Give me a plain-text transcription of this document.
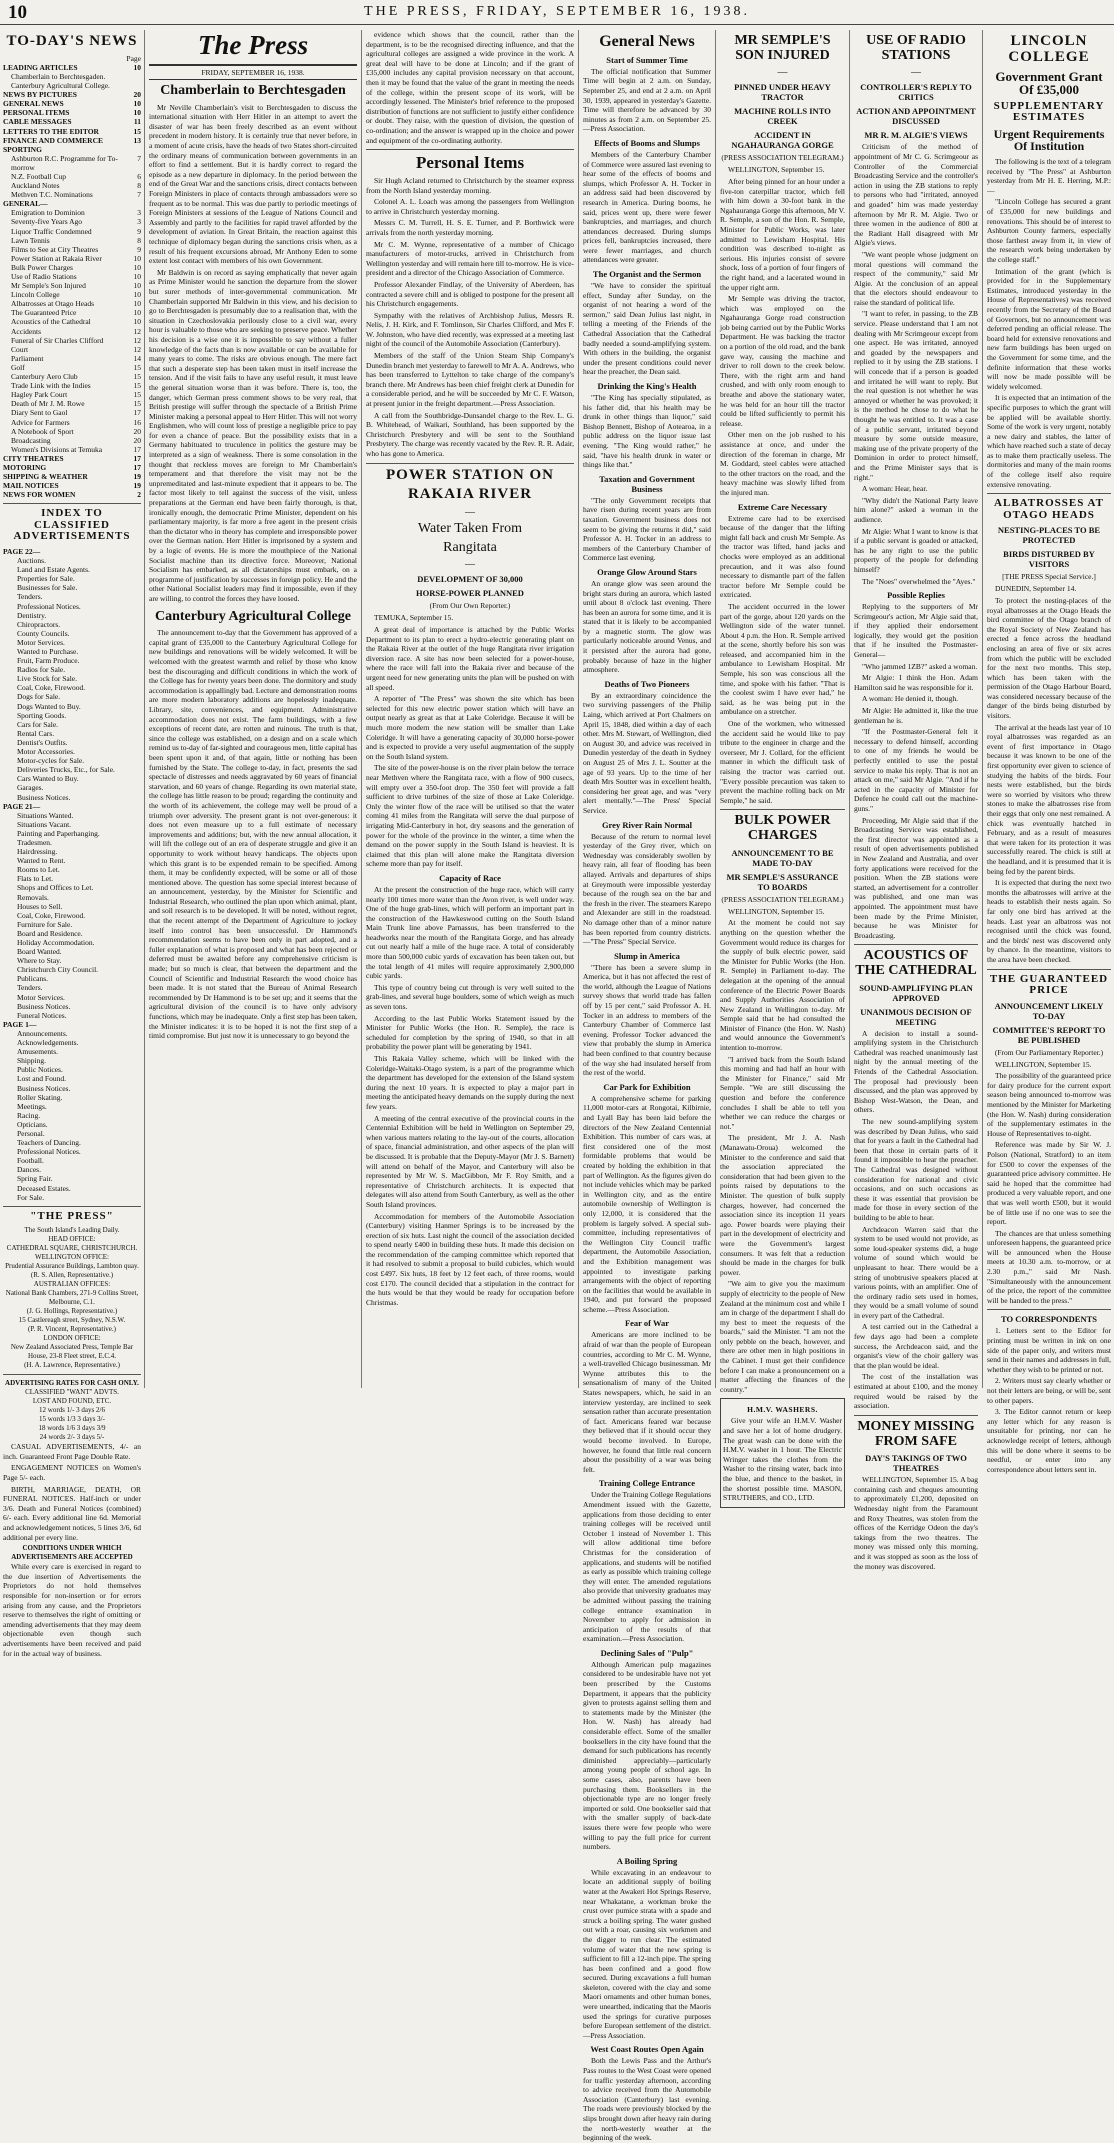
10	THE PRESS, FRIDAY, SEPTEMBER 16, 1938.
TO-DAY'S NEWS
Page
LEADING ARTICLES	10
Chamberlain to Berchtesgaden.
Canterbury Agricultural College.
NEWS BY PICTURES	20
GENERAL NEWS	10
PERSONAL ITEMS	10
CABLE MESSAGES	11
LETTERS TO THE EDITOR	15
FINANCE AND COMMERCE	13
SPORTING
Ashburton R.C. Programme for To-morrow
7
N.Z. Football Cup	6
Auckland Notes	8
Methven T.C. Nominations	7
GENERAL—
Emigration to Dominion	3
Seventy-five Years Ago	3
Liquor Traffic Condemned	9
Lawn Tennis	8
Films to See at City Theatres	9
Power Station at Rakaia River	10
Bulk Power Charges	10
Use of Radio Stations	10
Mr Semple's Son Injured	10
Lincoln College	10
Albatrosses at Otago Heads	10
The Guaranteed Price	10
Acoustics of the Cathedral	10
Accidents	12
Funeral of Sir Charles Clifford	12
Court	12
Parliament	14
Golf	15
Canterbury Aero Club	15
Trade Link with the Indies	15
Hagley Park Court	15
Death of Mr J. M. Rowe	15
Diary Sent to Gaol	17
Advice for Farmers	16
A Notebook of Sport	20
Broadcasting	20
Women's Divisions at Temuka	17
CITY THEATRES	17
MOTORING	17
SHIPPING & WEATHER	19
MAIL NOTICES	19
NEWS FOR WOMEN	2
INDEX TO CLASSIFIED ADVERTISEMENTS
PAGE 22—
Auctions.
Land and Estate Agents.
Properties for Sale.
Businesses for Sale.
Tenders.
Professional Notices.
Dentistry.
Chiropractors.
County Councils.
Motor Services.
Wanted to Purchase.
Fruit, Farm Produce.
Radios for Sale.
Live Stock for Sale.
Coal, Coke, Firewood.
Dogs for Sale.
Dogs Wanted to Buy.
Sporting Goods.
Cars for Sale.
Rental Cars.
Dentist's Outfits.
Motor Accessories.
Motor-cycles for Sale.
Deliveries Trucks, Etc., for Sale.
Cars Wanted to Buy.
Garages.
Business Notices.
PAGE 21—
Situations Wanted.
Situations Vacant.
Painting and Paperhanging.
Tradesmen.
Hairdressing.
Wanted to Rent.
Rooms to Let.
Flats to Let.
Shops and Offices to Let.
Removals.
Houses to Sell.
Coal, Coke, Firewood.
Furniture for Sale.
Board and Residence.
Holiday Accommodation.
Board Wanted.
Where to Stay.
Christchurch City Council.
Publicans.
Tenders.
Motor Services.
Business Notices.
Funeral Notices.
PAGE 1—
Announcements.
Acknowledgements.
Amusements.
Shipping.
Public Notices.
Lost and Found.
Business Notices.
Roller Skating.
Meetings.
Racing.
Opticians.
Personal.
Teachers of Dancing.
Professional Notices.
Football.
Dances.
Spring Fair.
Deceased Estates.
For Sale.
"THE PRESS"
The South Island's Leading Daily.

HEAD OFFICE:

CATHEDRAL SQUARE, CHRISTCHURCH.

WELLINGTON OFFICE:

Prudential Assurance Buildings, Lambton quay.

(R. S. Allen, Representative.)

AUSTRALIAN OFFICES:

National Bank Chambers, 271-9 Collins Street, Melbourne, C.1.

(J. G. Hollings, Representative.)

15 Castlereagh street, Sydney, N.S.W.

(P. R. Vincent, Representative.)

LONDON OFFICE:

New Zealand Associated Press, Temple Bar House, 23-8 Fleet street, E.C.4.

(H. A. Lawrence, Representative.)

ADVERTISING RATES FOR CASH ONLY.
CLASSIFIED "WANT" ADVTS.
LOST AND FOUND, ETC.

12 words 1/- 3 days 2/6

15 words 1/3 3 days 3/-

18 words 1/6 3 days 3/9

24 words 2/- 3 days 5/-

CASUAL ADVERTISEMENTS, 4/- an inch. Guaranteed Front Page Double Rate.

ENGAGEMENT NOTICES on Women's Page 5/- each.

BIRTH, MARRIAGE, DEATH, OR FUNERAL NOTICES. Half-inch or under 3/6. Death and Funeral Notices (combined) 6/- each. Every additional line 6d. Memorial and acknowledgement notices, 5 lines 3/6, 6d additional per every line.

CONDITIONS UNDER WHICH ADVERTISEMENTS ARE ACCEPTED

While every care is exercised in regard to the due insertion of Advertisements the Proprietors do not hold themselves responsible for non-insertion or for errors arising from any cause, and the Proprietors reserve to themselves the right of omitting or amending advertisements that they may deem objectionable even though such advertisements have been received and paid for in the actual way of business.

The Press
FRIDAY, SEPTEMBER 16, 1938.
Chamberlain to Berchtesgaden

Mr Neville Chamberlain's visit to Berchtesgaden to discuss the international situation with Herr Hitler in an attempt to avert the disaster of war has been freely described as an event without precedent in modern history. It is certainly true that never before, in a moment of acute crisis, have the heads of two States short-circuited the ordinary means of communication between governments in an effort to find a settlement. But it is hardly correct to regard the episode as a new departure in diplomacy. In the period between the end of the Great War and the sanctions crisis, direct contacts between Foreign Ministers in place of contacts through ambassadors were so frequent as to be normal. This was due partly to periodic meetings of Foreign Ministers at sessions of the League of Nations Council and Assembly and partly to the facilities for rapid travel afforded by the development of aviation. In Great Britain, the reaction against this technique of diplomacy began during the sanctions crisis when, as a result of his frequent excursions abroad, Mr Anthony Eden to some extent lost contact with members of his own Government.

Mr Baldwin is on record as saying emphatically that never again as Prime Minister would he sanction the departure from the slower but surer methods of inter-governmental communication. Mr Chamberlain supported Mr Baldwin in this view, and his decision to go to Berchtesgaden is presumably due to a realisation that, with the situation in Czechoslovakia perilously close to a civil war, every hour is valuable to those who are seeking to preserve peace. Whether his decision is a wise one it is impossible to say without a fuller knowledge of the facts than is now available or can be available for many years to come. The risks are obvious enough. The mere fact that such a desperate step has been taken must in itself increase the tension. And if the visit fails to have any useful result, it must leave the general situation worse than it was before. There is, too, the danger, which German press comment shows to be very real, that British prestige will suffer through the spectacle of a British Prime Minister making a personal appeal to Herr Hitler. This will not worry Englishmen, who will count loss of prestige a negligible price to pay for even a chance of peace. But the possibility exists that in a Germany habituated to truculence in politics the gesture may be interpreted as a sign of weakness. There is some consolation in the thought that reckless moves are foreign to Mr Chamberlain's temperament and that therefore the visit may not be the unpremeditated and last-minute expedient that it appears to be. The factor most likely to tell against the success of the visit, unless preparations at the German end have been fairly thorough, is that, ironically enough, the democratic Prime Minister, dependent on his parliamentary majority, is far more a free agent in the present crisis than the dictator who in theory has complete and irresponsible power over the German nation. Herr Hitler is imprisoned by a system and by a logic of events. He is more the mouthpiece of the National Socialist machine than its directive force. Moreover, National Socialism has embarked, as all dictatorships must embark, on a programme of justification by successes in foreign policy. He and the other National Socialist leaders may find it impossible, even if they are willing, to control the forces they have loosed.

Canterbury Agricultural College

The announcement to-day that the Government has approved of a capital grant of £35,000 to the Canterbury Agricultural College for new buildings and renovations will be widely welcomed. It will be welcomed with the greatest warmth and relief by those who know best the discouraging and difficult conditions in which the work of the College has for twenty years been done. The dormitory and study accommodation is appallingly bad. Lecture and demonstration rooms are more modern laboratory additions are hopelessly inadequate. Library, site, conveniences, and equipment. Administrative accommodation does not exist. The farm buildings, with a few exceptions of recent date, are rotten and ruinous. The truth is that, since the college was established, on a design and on a scale which remind us to-day of far-sighted and courageous men, little capital has been spent upon it and, of that again, little or nothing has been furnished by the State. The college to-day, in fact, presents the sad spectacle of distresses and needs aggravated by 60 years of financial starvation, and 60 years of change. Regarding its own material state, the college has little reason to be proud; regarding the continuity and the worth of its achievement, the college may well be proud of a triumph over adversity. The present grant is not over-generous: it does not even measure up to a full estimate of necessary improvements and additions; but, with the new annual allocation, it will lift the college out of an era of desperate struggle and give it an opportunity to work without heavy handicaps. The objects upon which this grant is to be expended remain to be specified. Among them, it may be confidently expected, will be some or all of those mentioned above. The question has some special interest because of an announcement, yesterday, by the Minister for Scientific and Industrial Research, who outlined the plan upon which animal, plant, and soil research is to be developed. It will be noted, without regret, that the recent attempt of the Department of Agriculture to jockey itself into control has been unsuccessful. Dr Hammond's recommendation seems to have been only in part adopted, and a fuller explanation of what is proposed and what has been rejected or deferred must be awaited before any comprehensive criticism is made; but so much is clear, that between the department and the Council of Scientific and Industrial Research the wood choice has been made. It is not stated that the Bureau of Animal Research recommended by Dr Hammond is to be set up; and it seems that the agricultural division of the council is to have only advisory functions, which may be inadequate. Only a first step has been taken, the Minister indicates: it is to be hoped it is not the first step of a timid compromise. But just now it is unnecessary to go beyond the

evidence which shows that the council, rather than the department, is to be the recognised directing influence, and that the agricultural colleges are assigned a wide province in the work. A great deal will have to be done at Lincoln; and if the grant of £35,000 includes any capital provision necessary on that account, then it may be found that the value of the grant in meeting the needs of the college, within the present scope of its work, will be accordingly lessened. The Minister's brief reference to the proposed distribution of functions are not sufficient to justify either confidence or doubt. They raise, with the question of division, the question of co-ordination; and the answer is wrapped up in the choice and power and equipment of the co-ordinating authority.

Personal Items

Sir Hugh Acland returned to Christchurch by the steamer express from the North Island yesterday morning.

Colonel A. L. Loach was among the passengers from Wellington to arrive in Christchurch yesterday morning.

Messrs C. M. Turrell, H. S. E. Turner, and P. Borthwick were arrivals from the north yesterday morning.

Mr C. M. Wynne, representative of a number of Chicago manufacturers of motor-trucks, arrived in Christchurch from Wellington yesterday and will remain here till to-morrow. He is vice-president and a director of the Chicago Association of Commerce.

Professor Alexander Findlay, of the University of Aberdeen, has contracted a severe chill and is obliged to postpone for the present all his Christchurch engagements.

Sympathy with the relatives of Archbishop Julius, Messrs R. Nelis, J. H. Kirk, and F. Tomlinson, Sir Charles Clifford, and Mrs F. W. Johnston, who have died recently, was expressed at a meeting last night of the council of the Automobile Association (Canterbury).

Members of the staff of the Union Steam Ship Company's Dunedin branch met yesterday to farewell to Mr A. A. Andrews, who has been transferred to Lyttelton to take charge of the company's branch there. Mr Andrews has been chief freight clerk at Dunedin for a considerable period, and he will be succeeded by Mr C. F. Watson, at present junior in the freight department.—Press Association.

A call from the Southbridge-Dunsandel charge to the Rev. L. G. B. Whitehead, of Waikari, Southland, has been supported by the Christchurch Presbytery and will be sent to the Southland Presbytery. The charge was recently vacated by the Rev. R. R. Adair, who has gone to America.

POWER STATION ON
RAKAIA RIVER
—
Water Taken From
Rangitata
—
DEVELOPMENT OF 30,000
HORSE-POWER PLANNED
(From Our Own Reporter.)

TEMUKA, September 15.

A great deal of importance is attached by the Public Works Department to its plan to erect a hydro-electric generating plant on the Rakaia River at the outlet of the huge Rangitata river irrigation diversion race. A site has now been selected for a power-house, where the race will fall into the Rakaia river and because of the urgent need for new generating units the plan will be pushed on with all speed.

A reporter of "The Press" was shown the site which has been selected for this new electric power station which will have an output nearly as great as that at Lake Coleridge. Because it will be much more modern the new station will be smaller than Lake Coleridge. It will have a generating capacity of 30,000 horse-power and is expected to provide a very useful augmentation of the supply on the South Island system.

The site of the power-house is on the river plain below the terrace near Methven where the Rangitata race, with a flow of 900 cusecs, will empty over a 350-foot drop. The 350 feet will provide a fall sufficient to drive turbines of the size of those at Lake Coleridge. Only the winter flow of the race will be utilised so that the water coming 41 miles from the Rangitata will serve the dual purpose of irrigating Mid-Canterbury in hot, dry seasons and the generation of power for the whole of the province in the winter, a time when the demand on the power supply in the South Island is heaviest. It is claimed that this plan will alone make the Rangitata diversion scheme more than pay for itself.

Capacity of Race

At the present the construction of the huge race, which will carry nearly 100 times more water than the Avon river, is well under way. One of the huge grab-lines, which will perform an important part in the construction of the Hawkeswood cutting on the South Island Main Trunk line above Parnassus, has been transferred to the headworks near the mouth of the Rangitata Gorge, and has already cut out nearly half a mile of the huge race. A total of considerably more than 500,000 cubic yards of excavation has been taken out, but the total length of 41 miles will require approximately 2,900,000 cubic yards.

This type of country being cut through is very well suited to the grab-lines, and several huge boulders, some of which weigh as much as seven tons.

According to the last Public Works Statement issued by the Minister for Public Works (the Hon. R. Semple), the race is scheduled for completion by the spring of 1940, so that in all probability the power plant will be generating by 1941.

This Rakaia Valley scheme, which will be linked with the Coleridge-Waitaki-Otago system, is a part of the programme which the department has developed for the extension of the Island system during the next 10 years. It is expected to play a major part in meeting the anticipated heavy demands on the supply during the next few years.

A meeting of the central executive of the provincial courts in the Centennial Exhibition will be held in Wellington on September 29, when various matters relating to the lay-out of the courts, allocation of space, financial administration, and other aspects of the plan will be discussed. It is probable that the Deputy-Mayor (Mr J. S. Barnett) will attend on behalf of the Mayor, and Canterbury will also be represented by Mr W. S. MacGibbon, Mr F. Roy Smith, and a representative of Christchurch architects. It is expected that delegates will also attend from South Canterbury, as well as the other South Island provinces.

Accommodation for members of the Automobile Association (Canterbury) visiting Hanmer Springs is to be increased by the erection of six huts. Last night the council of the association decided to spend nearly £400 in building these huts. It made this decision on the recommendation of the camping committee which reported that it had resolved to submit a proposal to build cubicles, which would cost £497. Six huts, 18 feet by 12 feet each, of three rooms, would cost £170. The council decided that a stipulation in the contract for the huts would be that they would be ready for occupation before Christmas.

General News
Start of Summer Time

The official notification that Summer Time will begin at 2 a.m. on Sunday, September 25, and end at 2 a.m. on April 30, 1939, appeared in yesterday's Gazette. Time will therefore be advanced by 30 minutes as from 2 a.m. on September 25.—Press Association.

Effects of Booms and Slumps

Members of the Canterbury Chamber of Commerce were assured last evening to hear some of the effects of booms and slumps, which Professor A. H. Tocker in an address said had been discovered by research in America. During booms, he said, prices went up, there were fewer bankruptcies, and marriages, and church attendances decreased. During slumps prices fell, bankruptcies increased, there were fewer marriages, and church attendances were greater.

The Organist and the Sermon

"We have to consider the spiritual effect, Sunday after Sunday, on the organist of not hearing a word of the sermon," said Dean Julius last night, in telling a meeting of the Friends of the Cathedral Association that the Cathedral badly needed a sound-amplifying system. With others in the building, the organist under the present conditions could never hear the preacher, the Dean said.

Drinking the King's Health

"The King has specially stipulated, as his father did, that his health may be drunk in other things than liquor," said Bishop Bennett, Bishop of Aotearoa, in a public address on the liquor issue last evening. "The King would rather," he said, "have his health drunk in water or things like that."

Taxation and Government Business

"The only Government receipts that have risen during recent years are from taxation. Government business does not seem to be giving the returns it did," said Professor A. H. Tocker in an address to members of the Canterbury Chamber of Commerce last evening.

Orange Glow Around Stars

An orange glow was seen around the bright stars during an aurora, which lasted until about 8 o'clock last evening. There has been an aurora for some time, and it is stated that it is likely to be accompanied by a magnetic storm. The glow was particularly noticeable around Venus, and it persisted after the aurora had gone, probably because of haze in the higher atmosphere.

Deaths of Two Pioneers

By an extraordinary coincidence the two surviving passengers of the Philip Laing, which arrived at Port Chalmers on April 15, 1848, died within a day of each other. Mrs M. Stewart, of Wellington, died on August 30, and advice was received in Dunedin yesterday of the death in Sydney on August 25 of Mrs J. L. Soutter at the age of 93 years. Up to the time of her death Mrs Soutter was in excellent health, considering her great age, and was "very alert mentally."—The Press' Special Service.

Grey River Rain Normal

Because of the return to normal level yesterday of the Grey river, which on Wednesday was considerably swollen by heavy rain, all fear of flooding has been allayed. Arrivals and departures of ships at Greymouth were impossible yesterday because of the rough sea on the bar and the fresh in the river. The steamers Karepo and Alexander are still in the roadstead. No damage other than of a minor nature has been reported from country districts.—"The Press" Special Service.

Slump in America

"There has been a severe slump in America, but it has not affected the rest of the world, although the League of Nations survey shows that world trade has fallen off by 15 per cent," said Professor A. H. Tocker in an address to members of the Canterbury Chamber of Commerce last evening. Professor Tocker advanced the view that probably the slump in America had been confined to that country because of the way she had insulated herself from the rest of the world.

Car Park for Exhibition

A comprehensive scheme for parking 11,000 motor-cars at Rongotai, Kilbirnie, and Lyall Bay has been laid before the directors of the New Zealand Centennial Exhibition. This number of cars was, at first considered one of the most formidable problems that would be created by holding the exhibition in that part of Wellington. As the figures given do not include vehicles which may be parked in Wellington city, and as the entire automobile ownership of Wellington is only 12,000, it is considered that the problem is largely solved. A special sub-committee, including representatives of the Wellington City Council traffic department, the Automobile Association, and the Exhibition management was appointed to investigate parking arrangements with the object of reporting on the facilities that would be available in 1940, and put forward the proposed scheme.—Press Association.

Fear of War

Americans are more inclined to be afraid of war than the people of European countries, according to Mr C. M. Wynne, a well-travelled Chicago businessman. Mr Wynne attributes this to the sensationalism of many of the United States newspapers, which, he said in an interview yesterday, are inclined to seek sensation rather than accurate presentation of fact. Americans feared war because they believed that if it should occur they would become involved. In Europe, however, he found that little real concern about the possibility of a war was being felt.

Training College Entrance

Under the Training College Regulations Amendment issued with the Gazette, applications from those deciding to enter training colleges will be received until October 1 instead of November 1. This will allow additional time before Christmas for the consideration of applications, and students will be notified as early as possible which training college they will enter. The amended regulations also provide that university graduates may be admitted without passing the training college entrance examination in November to apply for admission in anticipation of the results of that examination.—Press Association.

Declining Sales of "Pulp"

Although American pulp magazines considered to be undesirable have not yet been prescribed by the Customs Department, it appears that the publicity given to protests against selling them and to statements made by the Minister (the Hon. W. Nash) has already had considerable effect. Some of the smaller booksellers in the city have found that the demand for such publications has recently diminished appreciably—particularly among young people of school age. In some cases, also, parents have been purchasing them. Booksellers in the objectionable type are no longer freely imported or sold. One bookseller said that with the smaller supply of back-date issues there were few people who were willing to pay the full price for current numbers.

A Boiling Spring

While excavating in an endeavour to locate an additional supply of boiling water at the Awakeri Hot Springs Reserve, near Whakatane, a workman broke the crust over pumice strata with a spade and struck a boiling spring. The water gushed out with a roar, causing six workmen and the digger to run clear. The estimated volume of water that the new spring is sufficient to fill a 12-inch pipe. The spring has been confined and a good flow secured. During excavations a full human skeleton, covered with the clay and some Maori ornaments and other human bones, were unearthed, indicating that the Maoris used the springs for curative purposes before European settlement of the district.—Press Association.

West Coast Routes Open Again

Both the Lewis Pass and the Arthur's Pass routes to the West Coast were opened for traffic yesterday afternoon, according to advice received from the Automobile Association (Canterbury) last evening. The roads were previously blocked by the slips brought down after heavy rain during the north-westerly weather at the beginning of the week.

MR SEMPLE'S SON INJURED
—
PINNED UNDER HEAVY TRACTOR
MACHINE ROLLS INTO CREEK
ACCIDENT IN NGAHAURANGA GORGE
(PRESS ASSOCIATION TELEGRAM.)

WELLINGTON, September 15.

After being pinned for an hour under a five-ton caterpillar tractor, which fell with him down a 30-foot bank in the Ngahauranga Gorge this afternoon, Mr V. R. Semple, a son of the Hon. R. Semple, Minister for Public Works, was later admitted to Lewisham Hospital. His condition was described to-night as serious. His injuries consist of severe shock, loss of a portion of four fingers of the right hand, and a lacerated wound in the upper right arm.

Mr Semple was driving the tractor, which was employed on the Ngahauranga Gorge road construction job being carried out by the Public Works Department. He was backing the tractor on a portion of the old road, and the bank gave way, causing the machine and driver to roll down to the creek below. There, with the right arm and hand crushed, and with only room enough to breathe and above the stationary water, he was held for an hour till the tractor could be lifted sufficiently to permit his release.

Other men on the job rushed to his assistance at once, and under the direction of the foreman in charge, Mr M. Goddard, steel cables were attached to the other tractors on the road, and the heavy machine was slowly lifted from the injured man.

Extreme Care Necessary

Extreme care had to be exercised because of the danger that the lifting might fall back and crush Mr Semple. As the tractor was lifted, hand jacks and chocks were employed as an additional precaution, and it was also found necessary to dismantle part of the fallen tractor before Mr Semple could be extricated.

The accident occurred in the lower part of the gorge, about 120 yards on the Wellington side of the water tunnel. About 4 p.m. the Hon. R. Semple arrived at the scene, shortly before his son was released, and accompanied him in the ambulance to Lewisham Hospital. Mr Semple, his son was conscious all the time, and spoke with his father. "That is the coolest swim I have ever had," he said, as he was being put in the ambulance on a stretcher.

One of the workmen, who witnessed the accident said he would like to pay tribute to the engineer in charge and the overseer, Mr J. Collard, for the efficient manner in which the difficult task of raising the tractor was carried out. "Every possible precaution was taken to prevent the machine rolling back on Mr Semple," he said.

BULK POWER CHARGES
ANNOUNCEMENT TO BE MADE TO-DAY
MR SEMPLE'S ASSURANCE TO BOARDS
(PRESS ASSOCIATION TELEGRAM.)

WELLINGTON, September 15.

At the moment he could not say anything on the question whether the Government would reduce its charges for the supply of bulk electric power, said the Minister for Public Works (the Hon. R. Semple) in Parliament to-day. The delegation at the opening of the annual conference of the Electric Power Boards and Supply Authorities Association of New Zealand in Wellington to-day. Mr Semple said that he had consulted the Minister of Finance (the Hon. W. Nash) and would announce the Government's intention to-morrow.

"I arrived back from the South Island this morning and had half an hour with the Minister for Finance," said Mr Semple. "We are still discussing the question and before the conference concludes I shall be able to tell you whether we can reduce the charges or not."

The president, Mr J. A. Nash (Manawatu-Oroua) welcomed the Minister to the conference and said that the association appreciated the consideration that had been given to the points raised by deputations to the Minister. The question of bulk supply charges, however, had concerned the association since its inception 11 years ago. Power boards were playing their part in the development of electricity and were the Government's largest consumers. It was felt that a reduction should be made in the charges for bulk power.

"We aim to give you the maximum supply of electricity to the people of New Zealand at the minimum cost and while I am in charge of the department I shall do my best to meet the requests of the boards," said the Minister. "I am not the only pebble on the beach, however, and there are other men in high positions in the Cabinet. I must get their confidence before I can make a pronouncement on a matter affecting the finances of the country."

H.M.V. WASHERS.

Give your wife an H.M.V. Washer and save her a lot of home drudgery. The great wash can be done with the H.M.V. washer in 1 hour. The Electric Wringer takes the clothes from the Washer to the rinsing water, back into the blue, and thence to the basket, in the shortest possible time. MASON, STRUTHERS, and CO., LTD.

LINCOLN COLLEGE
Government Grant Of £35,000
SUPPLEMENTARY ESTIMATES
Urgent Requirements Of Institution

The following is the text of a telegram received by "The Press" at Ashburton yesterday from Mr H. E. Herring, M.P.:—

"Lincoln College has secured a grant of £35,000 for new buildings and renovations. This should be of interest to Ashburton County farmers, especially those farthest away from it, in view of the research work being undertaken by the college staff."

Intimation of the grant (which is provided for in the Supplementary Estimates, introduced yesterday in the House of Representatives) was received recently from the Secretary of the Board of Governors, but no announcement was deferred pending an official release. The board held for extensive renovations and new farm buildings has been urged on the Government for some time, and the definite information that these works will now be made possible will be widely welcomed.

It is expected that an intimation of the specific purposes to which the grant will be applied will be available shortly. Some of the work is very urgent, notably a new dairy and stables, the latter of which have reached such a state of decay as to make them practically useless. The dormitories and many of the main rooms of the college itself also require extensive renovating.

ALBATROSSES AT OTAGO HEADS
NESTING-PLACES TO BE PROTECTED
BIRDS DISTURBED BY VISITORS
[THE PRESS Special Service.]

DUNEDIN, September 14.

To protect the nesting-places of the royal albatrosses at the Otago Heads the bird committee of the Otago branch of the Royal Society of New Zealand has erected a fence across the headland enclosing an area of five or six acres from which the public will be excluded for the next two months. This step, which has been taken with the permission of the Otago Harbour Board, was considered necessary because of the danger of the birds being disturbed by visitors.

The arrival at the heads last year of 10 royal albatrosses was regarded as an event of first importance in Otago because it was known to be one of the first opportunity ever given to science of studying the habits of the birds. Four nests were established, but the birds were so worried by visitors who threw stones to make the albatrosses rise from their eggs that only one nest remained. A chick was eventually hatched in February, and as a result of measures that were taken for its protection it was successfully reared. The chick is still at the headland, and it is presumed that it is being fed by the parent birds.

It is expected that during the next two months the albatrosses will arrive at the heads to establish their nests again. So far only one bird has arrived at the heads. Last year an albatross was not recognised until the chick was found, and the birds' nest was discovered only by chance. In the meantime, visitors to the area have been checked.

THE GUARANTEED PRICE
ANNOUNCEMENT LIKELY TO-DAY
COMMITTEE'S REPORT TO BE PUBLISHED
(From Our Parliamentary Reporter.)

WELLINGTON, September 15.

The possibility of the guaranteed price for dairy produce for the current export season being announced to-morrow was mentioned by the Minister for Marketing (the Hon. W. Nash) during consideration of the supplementary estimates in the House of Representatives to-night.

Reference was made by Sir W. J. Polson (National, Stratford) to an item for £500 to cover the expenses of the guaranteed price advisory committee. He said he hoped that the committee had produced a very valuable report, and one that was well worth £500, but it would be of little use if no one was to see the report.

The chances are that unless something unforeseen happens, the guaranteed price will be announced when the House meets at 10.30 a.m. to-morrow, or at 2.30 p.m.," said Mr Nash. "Simultaneously with the announcement of the price, the report of the committee will be handed to the press."

TO CORRESPONDENTS

1. Letters sent to the Editor for printing must be written in ink on one side of the paper only, and writers must send in their names and addresses in full, whether they wish to be printed or not.

2. Writers must say clearly whether or not their letters are being, or will be, sent to other papers.

3. The Editor cannot return or keep any letter which for any reason is unsuitable for printing, nor can he acknowledge receipt of letters, although this will be done where it seems to be needful, or enter into any correspondence about letters sent in.

USE OF RADIO STATIONS
—
CONTROLLER'S REPLY TO CRITICS
ACTION AND APPOINTMENT DISCUSSED
MR R. M. ALGIE'S VIEWS

Criticism of the method of appointment of Mr C. G. Scrimgeour as Controller of the Commercial Broadcasting Service and the controller's action in using the ZB stations to reply to persons who had "irritated, annoyed and goaded" him was made yesterday afternoon by Mr R. M. Algie. Two or three women in the audience of 800 at the Radiant Hall disagreed with Mr Algie's views.

"We want people whose judgment on moral questions will command the respect of the community," said Mr Algie. At the conclusion of an appeal that the electors should endeavour to raise the standard of political life.

"I want to refer, in passing, to the ZB service. Please understand that I am not dealing with Mr Scrimgeour except from one aspect. He was irritated, annoyed and goaded by the newspapers and replied to it by using the ZB stations. I will concede that if a person is goaded and irritated he will want to reply. But the real question is not whether he was annoyed or whether he was provoked; it is the method he chose to do what he thought he was entitled to. It was a case of a public servant, irritated beyond measure by some outside measure, making use of the private property of the Dominion in order to protect himself, and the Prime Minister says that is right."

A woman: Hear, hear.

"Why didn't the National Party leave him alone?" asked a woman in the audience.

Mr Algie: What I want to know is that if a public servant is goaded or attacked, has he any right to use the public property of the people for defending himself?

The "Noes" overwhelmed the "Ayes."

Possible Replies

Replying to the supporters of Mr Scrimgeour's action, Mr Algie said that, if they applied their endorsement logically, they would get the position that if he insulted the Postmaster-General—

"Who jammed 1ZB?" asked a woman.

Mr Algie: I think the Hon. Adam Hamilton said he was responsible for it.

A woman: He denied it, though.

Mr Algie: He admitted it, like the true gentleman he is.

"If the Postmaster-General felt it necessary to defend himself, according to one of my friends he would be perfectly entitled to use the postal service to make his reply. That is not an attack on me," said Mr Algie. "And if he acted in the capacity of Minister for Defence he could call out the machine-guns."

Proceeding, Mr Algie said that if the Broadcasting Service was established, the first director was appointed as a result of open advertisements published in New Zealand and Australia, and over forty applications were received for the position. When the ZB stations were started, an advertisement for a controller was published, and one man was appointed. The appointment must have been made by the Prime Minister, because he was Minister for Broadcasting.

ACOUSTICS OF THE CATHEDRAL
SOUND-AMPLIFYING PLAN APPROVED
UNANIMOUS DECISION OF MEETING

A decision to install a sound-amplifying system in the Christchurch Cathedral was reached unanimously last night by the annual meeting of the Friends of the Cathedral Association. The proposal had previously been discussed, and the plan was approved by Bishop West-Watson, the Dean, and others.

The new sound-amplifying system was described by Dean Julius, who said that for years a fault in the Cathedral had been that those in certain parts of it found it impossible to hear the preacher. The Cathedral was designed without consideration for national and civic occasions, and on such occasions as these it was essential that provision be made for those in every section of the building to be able to hear.

Archdeacon Warren said that the system to be used would not provide, as some loud-speaker systems did, a huge volume of sound which would be unpleasant to hear. There would be a string of unobtrusive speakers placed at various points, with an amplifier. One of the ordinary radio sets used in homes, they would be a small volume of sound in every part of the Cathedral.

A test carried out in the Cathedral a few days ago had been a complete success, the Archdeacon said, and the organist's view of the choir gallery was that the plan would be ideal.

The cost of the installation was estimated at about £100, and the money required would be raised by the association.

MONEY MISSING FROM SAFE
DAY'S TAKINGS OF TWO THEATRES

WELLINGTON, September 15. A bag containing cash and cheques amounting to approximately £1,200, deposited on Wednesday night from the Paramount and Roxy Theatres, was stolen from the offices of the Kerridge Odeon the day's takings from the two theatres. The money was missed only this morning, and it was stopped as soon as the loss of the money was discovered.
